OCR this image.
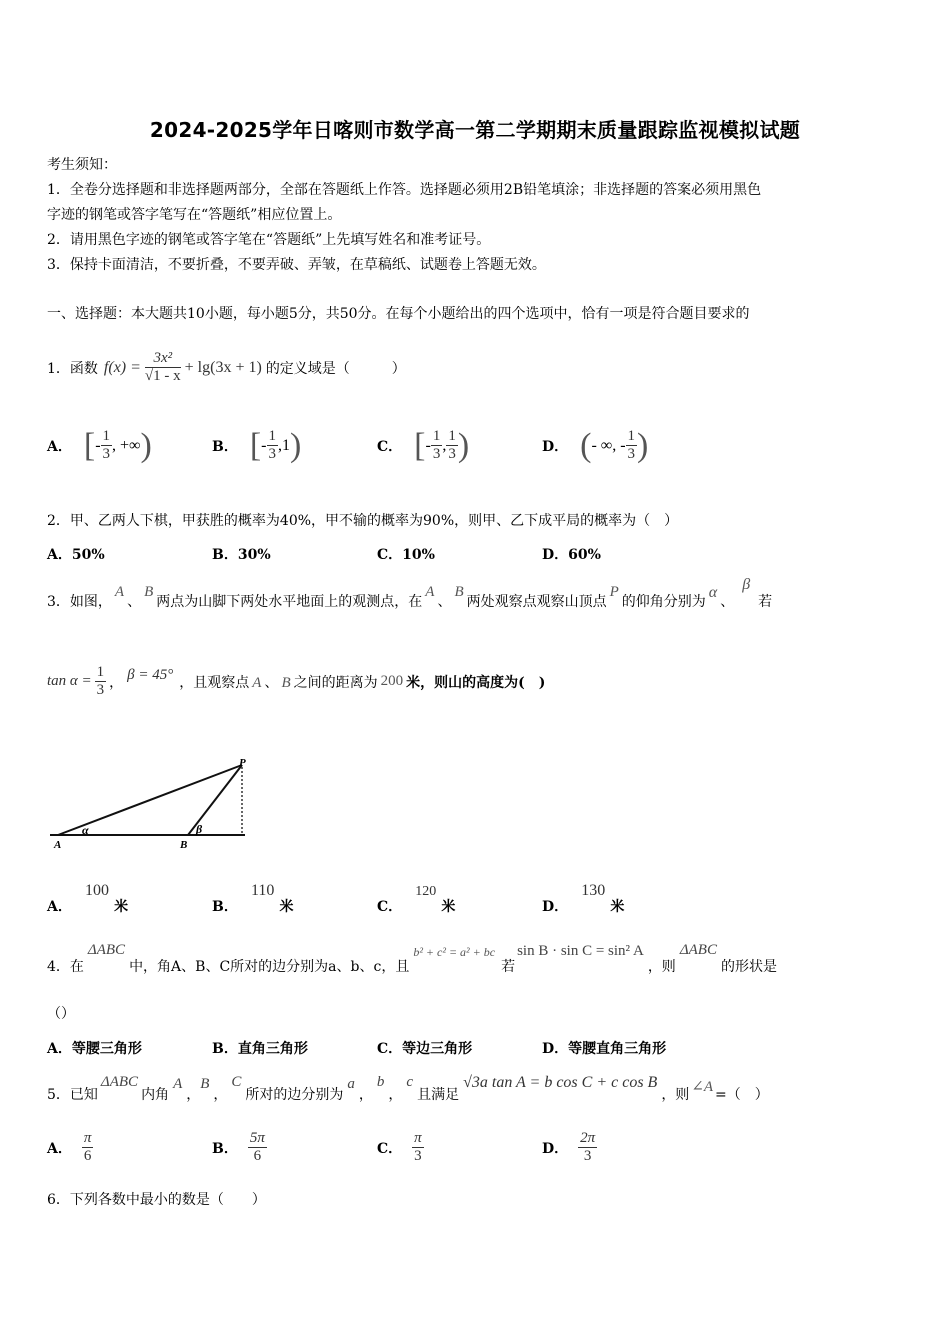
2024-2025学年日喀则市数学高一第二学期期末质量跟踪监视模拟试题
考生须知：
1．全卷分选择题和非选择题两部分，全部在答题纸上作答。选择题必须用2B铅笔填涂；非选择题的答案必须用黑色
字迹的钢笔或答字笔写在“答题纸”相应位置上。
2．请用黑色字迹的钢笔或答字笔在“答题纸”上先填写姓名和准考证号。
3．保持卡面清洁，不要折叠，不要弄破、弄皱，在草稿纸、试题卷上答题无效。
一、选择题：本大题共10小题，每小题5分，共50分。在每个小题给出的四个选项中，恰有一项是符合题目要求的
1． 函数 $f(x) = \frac{\text{3x²}}{√1 - x} + \lg(3x + 1)$ 的定义域是（　　　）
A． [ - $\frac{1}{3}$ , +∞ )	B． [ - $\frac{1}{3} ,1$ )	C． [ - $\frac{1}{3}$ , $\frac{1}{3}$ )	D． ( - ∞, - $\frac{1}{3}$ )
2．甲、乙两人下棋，甲获胜的概率为40%，甲不输的概率为90%，则甲、乙下成平局的概率为（　）
A．50%	B．30%	C．10%	D．60%
3．如图，
A
、
B
两点为山脚下两处水平地面上的观测点，在
A
、
B
两处观察点观察山顶点
P
的仰角分别为
α
、
β
若
$\tan \alpha = \frac{1}{3}$ ， β = 45° ，且观察点 A 、 B 之间的距离为 200 米，则山的高度为(　)
P
A	B
α	β
A． 100 米	B． 110 米	C． 120 米	D． 130 米
4．在
ΔABC
中，角A、B、C所对的边分别为a、b、c，且
b² + c² = a² + bc
若
sin B · sin C = sin² A
，则
ΔABC
的形状是
（）
A．等腰三角形	B．直角三角形	C．等边三角形	D．等腰直角三角形
5．已知
ΔABC
内角
A
，
B
，
C
所对的边分别为
a
，
b
，
c
且满足
√3a tan A = b cos C + c cos B
，则 ∠A =（　）
A． $\frac{\pi}{6}$	B． $\frac{5\pi}{6}$	C． $\frac{\pi}{3}$	D． $\frac{2\pi}{3}$
6．下列各数中最小的数是（　　）
